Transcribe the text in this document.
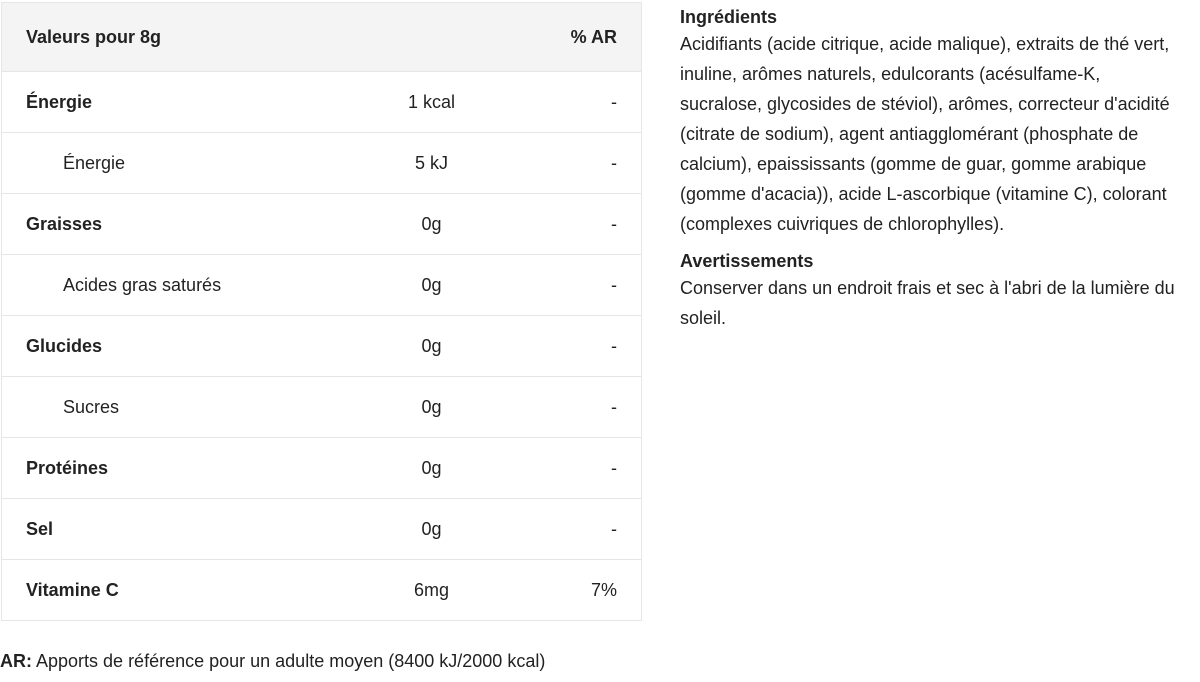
Valeurs pour 8g		% AR
Énergie	1 kcal	-
Énergie	5 kJ	-
Graisses	0g	-
Acides gras saturés	0g	-
Glucides	0g	-
Sucres	0g	-
Protéines	0g	-
Sel	0g	-
Vitamine C	6mg	7%
AR: Apports de référence pour un adulte moyen (8400 kJ/2000 kcal)
Ingrédients

Acidifiants (acide citrique, acide malique), extraits de thé vert, inuline, arômes naturels, edulcorants (acésulfame-K, sucralose, glycosides de stéviol), arômes, correcteur d'acidité (citrate de sodium), agent antiagglomérant (phosphate de calcium), epaississants (gomme de guar, gomme arabique (gomme d'acacia)), acide L-ascorbique (vitamine C), colorant (complexes cuivriques de chlorophylles).

Avertissements

Conserver dans un endroit frais et sec à l'abri de la lumière du soleil.
